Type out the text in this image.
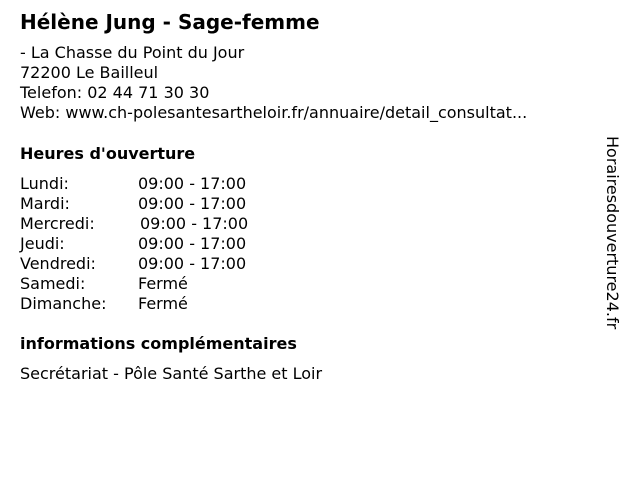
Hélène Jung - Sage-femme
- La Chasse du Point du Jour
72200 Le Bailleul
Telefon: 02 44 71 30 30
Web: www.ch-polesantesartheloir.fr/annuaire/detail_consultat...
Heures d'ouverture
Lundi:	09:00 - 17:00
Mardi:	09:00 - 17:00
Mercredi:	09:00 - 17:00
Jeudi:	09:00 - 17:00
Vendredi:	09:00 - 17:00
Samedi:	Fermé
Dimanche: Fermé
informations complémentaires
Secrétariat - Pôle Santé Sarthe et Loir
Horairesdouverture24.fr
